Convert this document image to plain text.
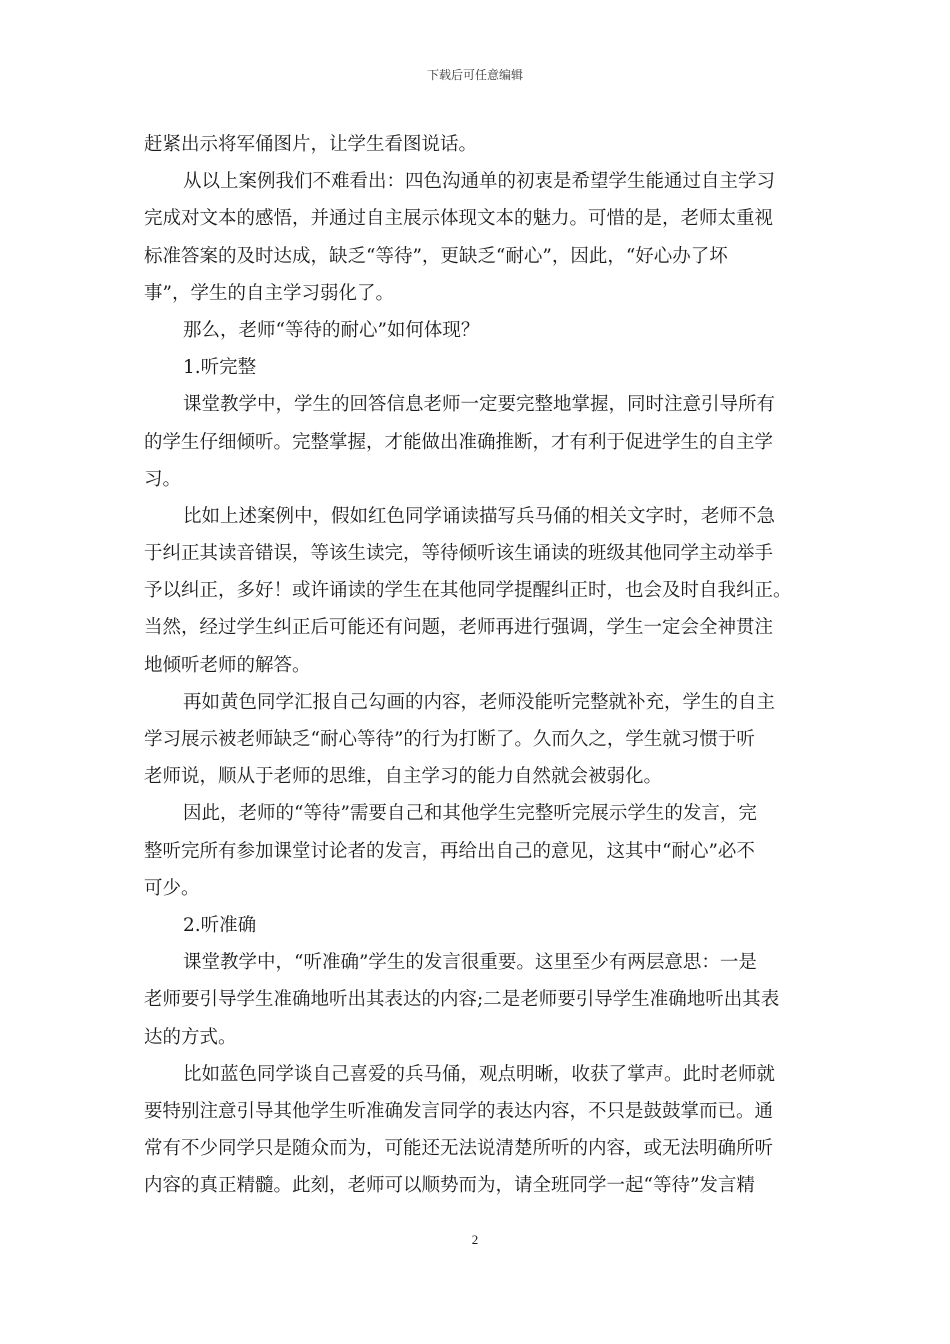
下载后可任意编辑
赶紧出示将军俑图片，让学生看图说话。
从以上案例我们不难看出：四色沟通单的初衷是希望学生能通过自主学习
完成对文本的感悟，并通过自主展示体现文本的魅力。可惜的是，老师太重视
标准答案的及时达成，缺乏“等待”，更缺乏“耐心”，因此，“好心办了坏
事”，学生的自主学习弱化了。
那么，老师“等待的耐心”如何体现？
1.听完整
课堂教学中，学生的回答信息老师一定要完整地掌握，同时注意引导所有
的学生仔细倾听。完整掌握，才能做出准确推断，才有利于促进学生的自主学
习。
比如上述案例中，假如红色同学诵读描写兵马俑的相关文字时，老师不急
于纠正其读音错误，等该生读完，等待倾听该生诵读的班级其他同学主动举手
予以纠正，多好！或许诵读的学生在其他同学提醒纠正时，也会及时自我纠正。
当然，经过学生纠正后可能还有问题，老师再进行强调，学生一定会全神贯注
地倾听老师的解答。
再如黄色同学汇报自己勾画的内容，老师没能听完整就补充，学生的自主
学习展示被老师缺乏“耐心等待”的行为打断了。久而久之，学生就习惯于听
老师说，顺从于老师的思维，自主学习的能力自然就会被弱化。
因此，老师的“等待”需要自己和其他学生完整听完展示学生的发言，完
整听完所有参加课堂讨论者的发言，再给出自己的意见，这其中“耐心”必不
可少。
2.听准确
课堂教学中，“听准确”学生的发言很重要。这里至少有两层意思：一是
老师要引导学生准确地听出其表达的内容;二是老师要引导学生准确地听出其表
达的方式。
比如蓝色同学谈自己喜爱的兵马俑，观点明晰，收获了掌声。此时老师就
要特别注意引导其他学生听准确发言同学的表达内容，不只是鼓鼓掌而已。通
常有不少同学只是随众而为，可能还无法说清楚所听的内容，或无法明确所听
内容的真正精髓。此刻，老师可以顺势而为，请全班同学一起“等待”发言精
2
